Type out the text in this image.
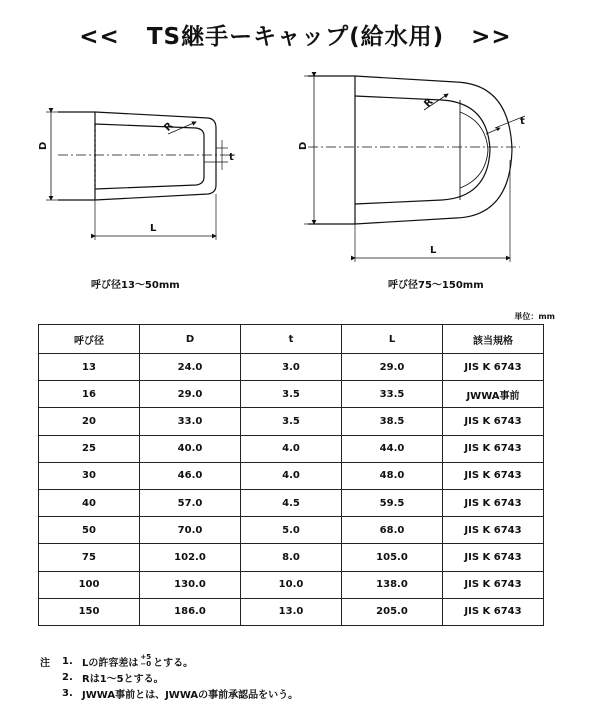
<<   TS継手ーキャップ(給水用)   >>
D
R
t
L
D
R
t
L
呼び径13～50mm	呼び径75～150mm
単位：mm
呼び径	D	t	L	該当規格
13	24.0	3.0	29.0	JIS K 6743
16	29.0	3.5	33.5	JWWA事前
20	33.0	3.5	38.5	JIS K 6743
25	40.0	4.0	44.0	JIS K 6743
30	46.0	4.0	48.0	JIS K 6743
40	57.0	4.5	59.5	JIS K 6743
50	70.0	5.0	68.0	JIS K 6743
75	102.0	8.0	105.0	JIS K 6743
100	130.0	10.0	138.0	JIS K 6743
150	186.0	13.0	205.0	JIS K 6743
注	1. Lの許容差は
+5
−0 とする。
2. Rは1～5とする。
3. JWWA事前とは、JWWAの事前承認品をいう。
